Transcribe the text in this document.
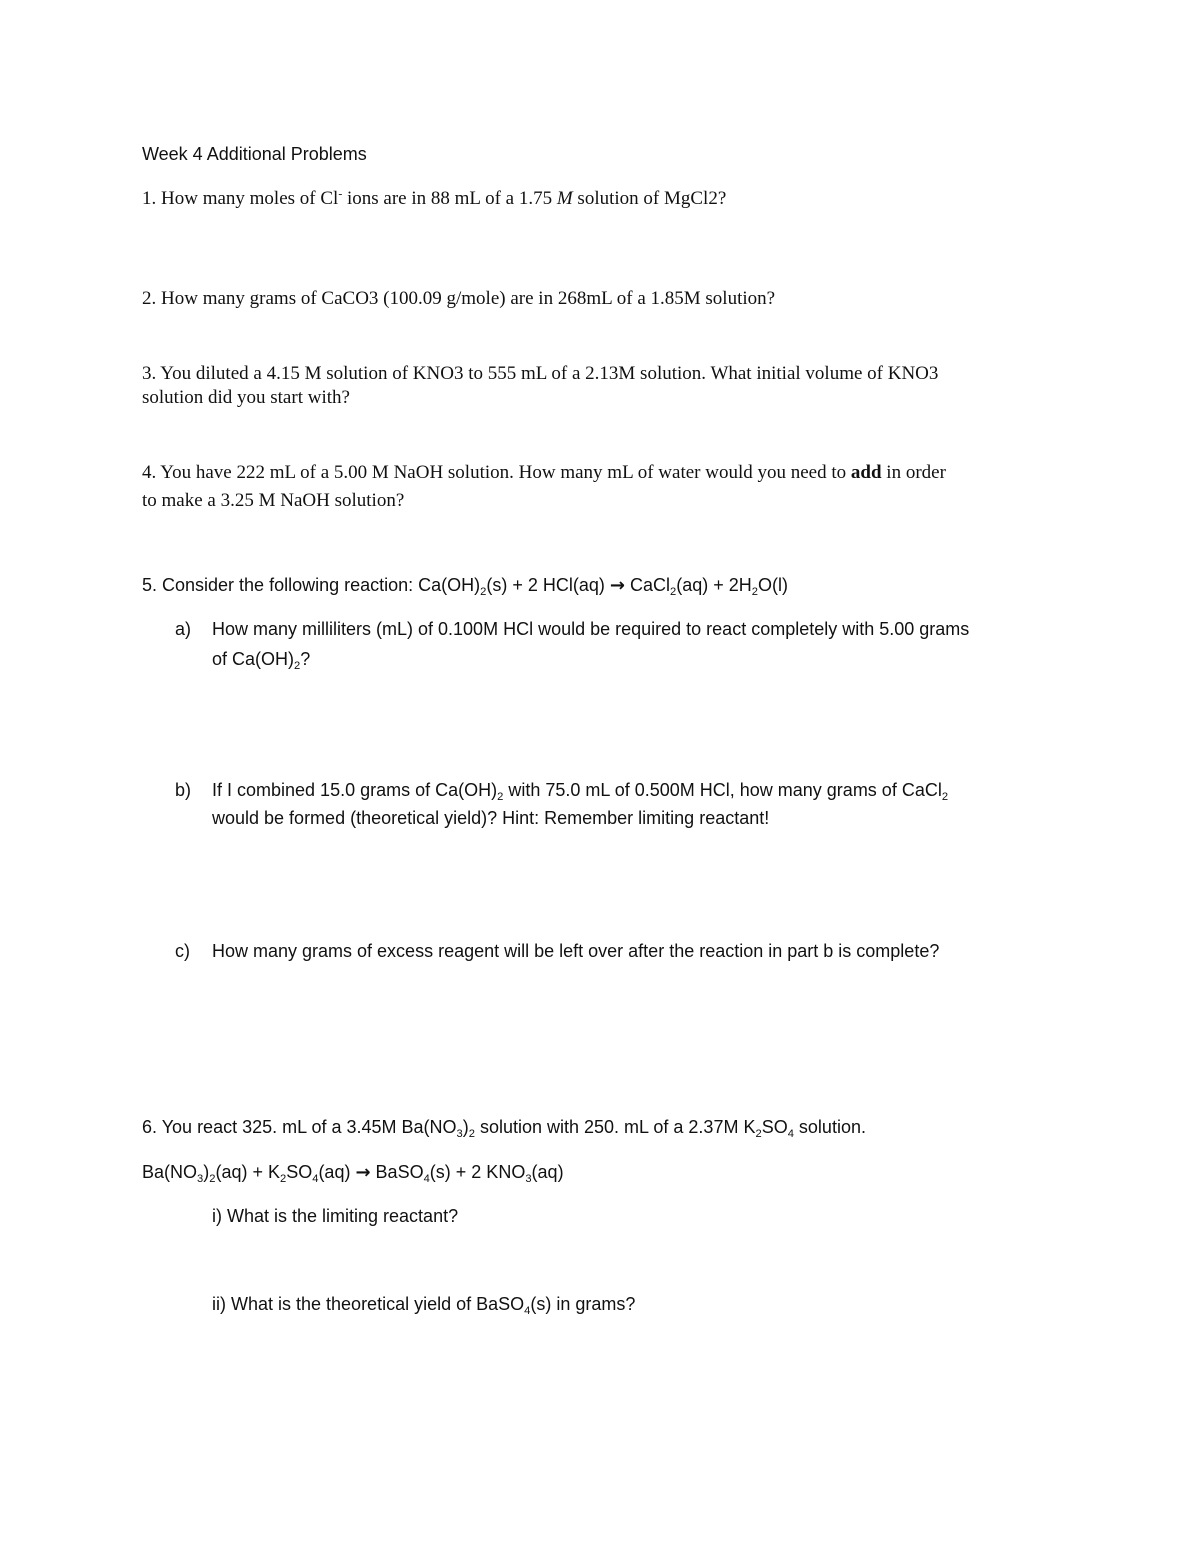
Week 4 Additional Problems
1. How many moles of Cl- ions are in 88 mL of a 1.75 M solution of MgCl2?
2. How many grams of CaCO3 (100.09 g/mole) are in 268mL of a 1.85M solution?
3. You diluted a 4.15 M solution of KNO3 to 555 mL of a 2.13M solution. What initial volume of KNO3
solution did you start with?
4. You have 222 mL of a 5.00 M NaOH solution. How many mL of water would you need to add in order
to make a 3.25 M NaOH solution?
5. Consider the following reaction: $Ca(OH)_2(s) + 2$ HCl(aq) → CaCl$_2$(aq) + $2H_2O(l)$
a) How many milliliters (mL) of 0.100M HCl would be required to react completely with 5.00 grams
of $Ca(OH)_2$?
b) If I combined 15.0 grams of $Ca(OH)_2$ with 75.0 mL of 0.500M HCl, how many grams of CaCl$_2$
would be formed (theoretical yield)? Hint: Remember limiting reactant!
c) How many grams of excess reagent will be left over after the reaction in part b is complete?
6. You react 325. mL of a 3.45M $Ba(NO_3)_2$ solution with 250. mL of a 2.37M $K_2SO_4$ solution.
$Ba(NO_3)_2(aq) + K_2SO_4(aq)$ → BaSO$_4$(s) + 2 $KNO_3(aq)$
i) What is the limiting reactant?
ii) What is the theoretical yield of BaSO$_4$(s) in grams?
